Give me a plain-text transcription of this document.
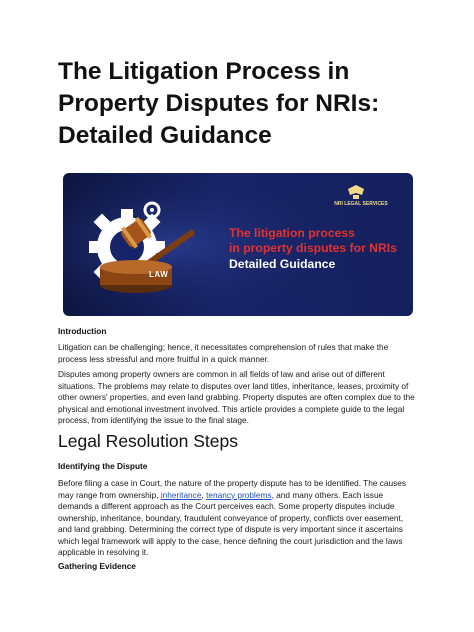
The Litigation Process in Property Disputes for NRIs: Detailed Guidance
NRI LEGAL SERVICES
LAW
The litigation process
in property disputes for NRIs
Detailed Guidance
Introduction

Litigation can be challenging; hence, it necessitates comprehension of rules that make the process less stressful and more fruitful in a quick manner.

Disputes among property owners are common in all fields of law and arise out of different situations. The problems may relate to disputes over land titles, inheritance, leases, proximity of other owners' properties, and even land grabbing. Property disputes are often complex due to the physical and emotional investment involved. This article provides a complete guide to the legal process, from identifying the issue to the final stage.

Legal Resolution Steps
Identifying the Dispute

Before filing a case in Court, the nature of the property dispute has to be identified. The causes may range from ownership, inheritance, tenancy problems, and many others. Each issue demands a different approach as the Court perceives each. Some property disputes include ownership, inheritance, boundary, fraudulent conveyance of property, conflicts over easement, and land grabbing. Determining the correct type of dispute is very important since it ascertains which legal framework will apply to the case, hence defining the court jurisdiction and the laws applicable in resolving it.

Gathering Evidence
